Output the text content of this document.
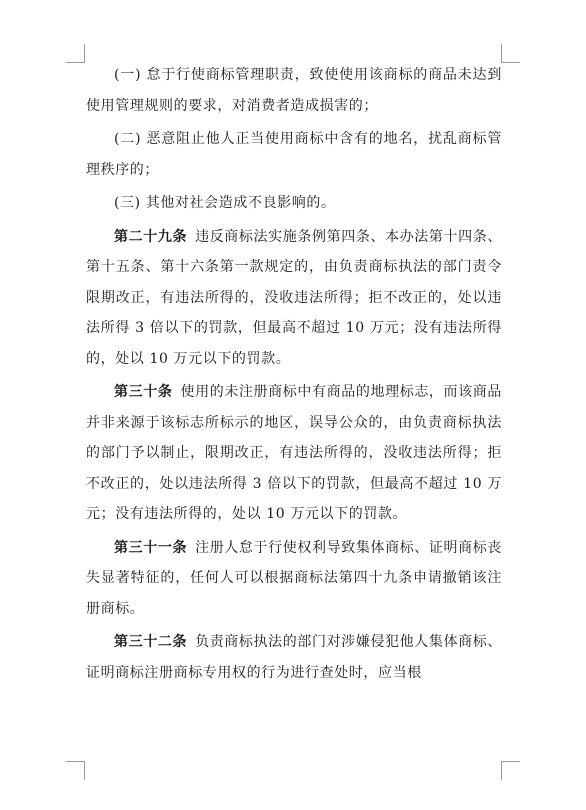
(一) 怠于行使商标管理职责，致使使用该商标的商品未达到使用管理规则的要求，对消费者造成损害的；

(二) 恶意阻止他人正当使用商标中含有的地名，扰乱商标管理秩序的；

(三) 其他对社会造成不良影响的。

第二十九条 违反商标法实施条例第四条、本办法第十四条、第十五条、第十六条第一款规定的，由负责商标执法的部门责令限期改正，有违法所得的，没收违法所得；拒不改正的，处以违法所得 3 倍以下的罚款，但最高不超过 10 万元；没有违法所得的，处以 10 万元以下的罚款。

第三十条 使用的未注册商标中有商品的地理标志，而该商品并非来源于该标志所标示的地区，误导公众的，由负责商标执法的部门予以制止，限期改正，有违法所得的，没收违法所得；拒不改正的，处以违法所得 3 倍以下的罚款，但最高不超过 10 万元；没有违法所得的，处以 10 万元以下的罚款。

第三十一条 注册人怠于行使权利导致集体商标、证明商标丧失显著特征的，任何人可以根据商标法第四十九条申请撤销该注册商标。

第三十二条 负责商标执法的部门对涉嫌侵犯他人集体商标、证明商标注册商标专用权的行为进行查处时，应当根
